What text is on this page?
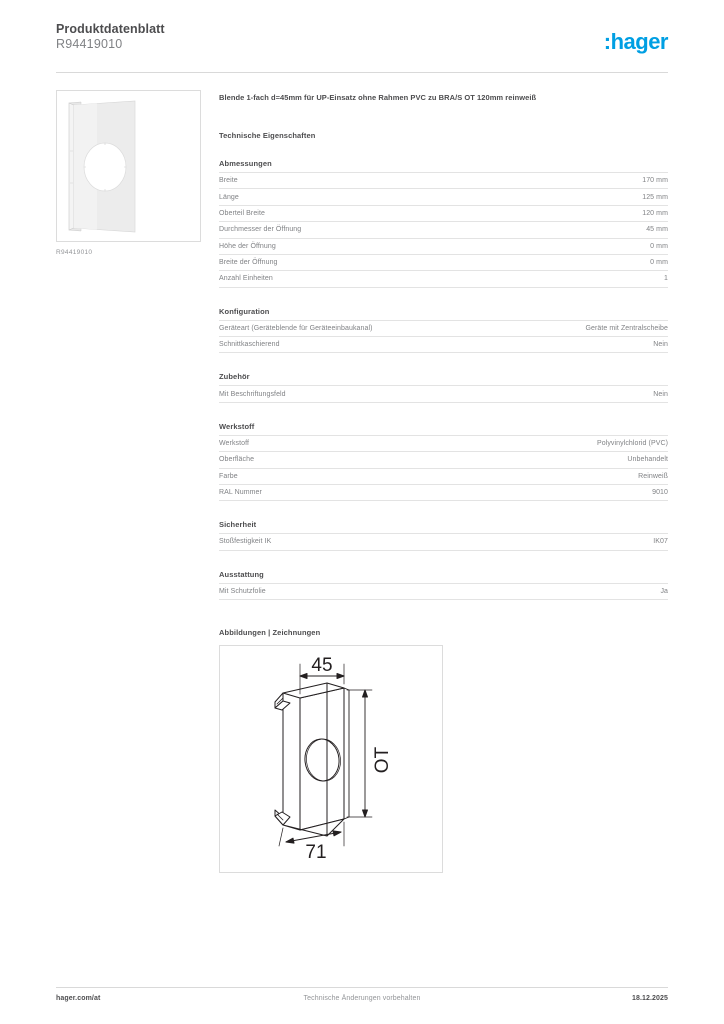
Produktdatenblatt
R94419010	:hager
R94419010
Blende 1-fach d=45mm für UP-Einsatz ohne Rahmen PVC zu BRA/S OT 120mm reinweiß
Technische Eigenschaften
Abmessungen
Breite	170 mm
Länge	125 mm
Oberteil Breite	120 mm
Durchmesser der Öffnung	45 mm
Höhe der Öffnung	0 mm
Breite der Öffnung	0 mm
Anzahl Einheiten	1
Konfiguration
Geräteart (Geräteblende für Geräteeinbaukanal)	Geräte mit Zentralscheibe
Schnittkaschierend	Nein
Zubehör
Mit Beschriftungsfeld	Nein
Werkstoff
Werkstoff	Polyvinylchlorid (PVC)
Oberfläche	Unbehandelt
Farbe	Reinweiß
RAL Nummer	9010
Sicherheit
Stoßfestigkeit IK	IK07
Ausstattung
Mit Schutzfolie	Ja
Abbildungen | Zeichnungen
45
OT
71
hager.com/at	Technische Änderungen vorbehalten	18.12.2025
